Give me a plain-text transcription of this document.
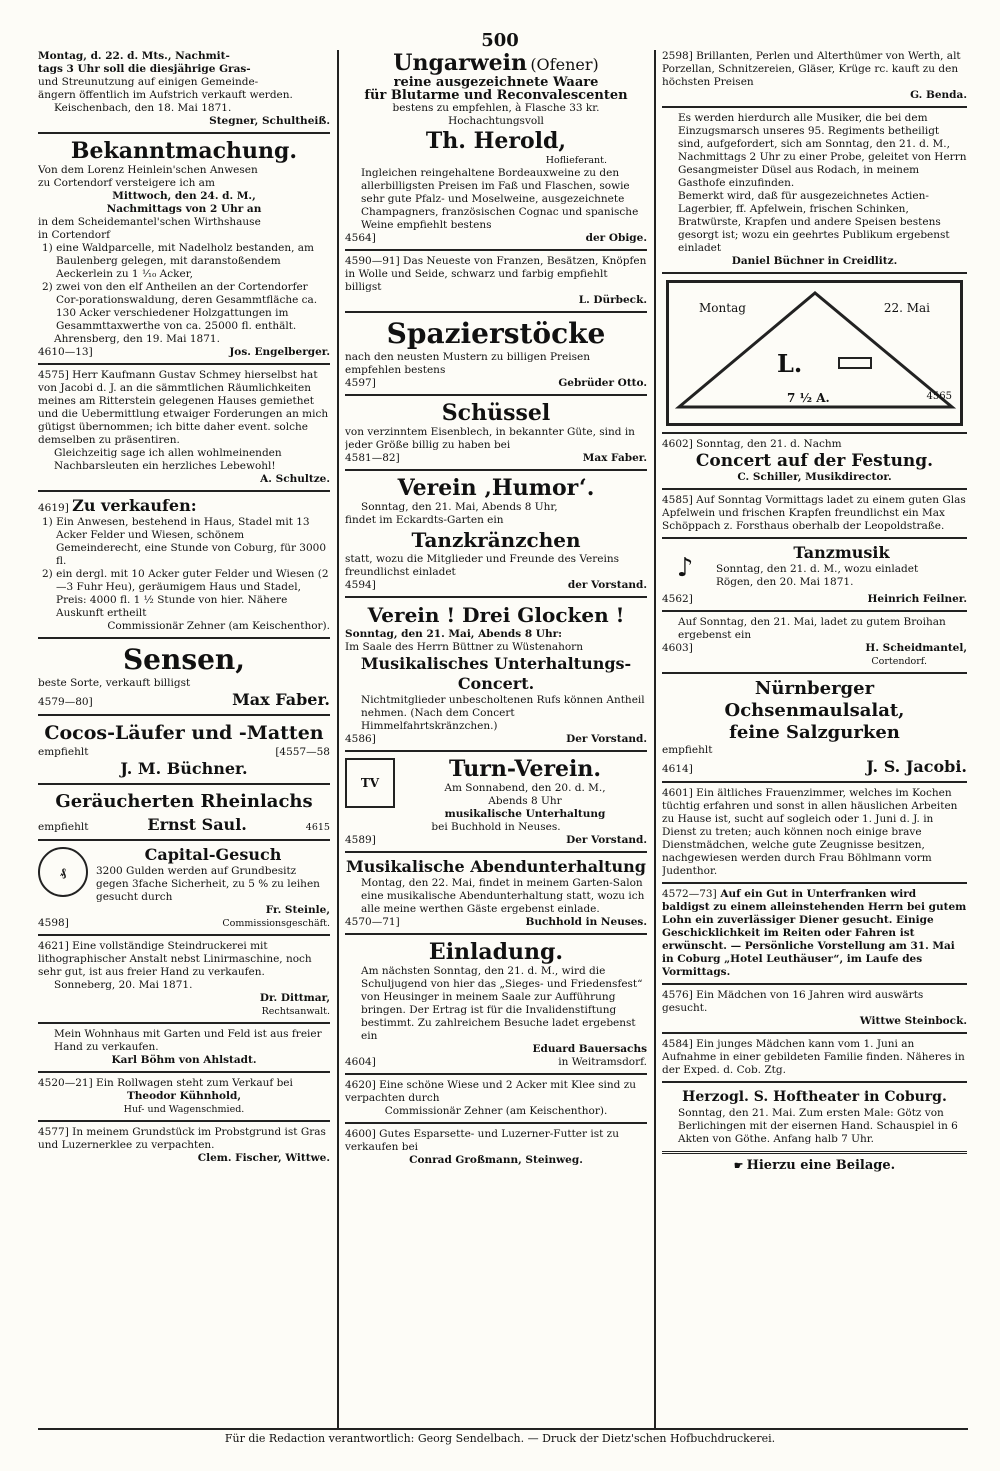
500

Montag, d. 22. d. Mts., Nachmit-

tags 3 Uhr soll die diesjährige Gras-

und Streunutzung auf einigen Gemeinde-

ängern öffentlich im Aufstrich verkauft werden.

Keischenbach, den 18. Mai 1871.

Stegner, Schultheiß.

Bekanntmachung.

Von dem Lorenz Heinlein'schen Anwesen

zu Cortendorf versteigere ich am

Mittwoch, den 24. d. M.,

Nachmittags von 2 Uhr an

in dem Scheidemantel'schen Wirthshause

in Cortendorf

1) eine Waldparcelle, mit Nadelholz bestanden, am Baulenberg gelegen, mit daranstoßendem Aeckerlein zu 1 ¹⁄₁₀ Acker,

2) zwei von den elf Antheilen an der Cortendorfer Cor-porationswaldung, deren Gesammtfläche ca. 130 Acker verschiedener Holzgattungen im Gesammttaxwerthe von ca. 25000 fl. enthält.

Ahrensberg, den 19. Mai 1871.

4610—13]	Jos. Engelberger.

4575] Herr Kaufmann Gustav Schmey hierselbst hat von Jacobi d. J. an die sämmtlichen Räumlichkeiten meines am Ritterstein gelegenen Hauses gemiethet und die Uebermittlung etwaiger Forderungen an mich gütigst übernommen; ich bitte daher event. solche demselben zu präsentiren.

Gleichzeitig sage ich allen wohlmeinenden Nachbarsleuten ein herzliches Lebewohl!

A. Schultze.

4619] Zu verkaufen:

1) Ein Anwesen, bestehend in Haus, Stadel mit 13 Acker Felder und Wiesen, schönem Gemeinderecht, eine Stunde von Coburg, für 3000 fl.

2) ein dergl. mit 10 Acker guter Felder und Wiesen (2—3 Fuhr Heu), geräumigem Haus und Stadel, Preis: 4000 fl. 1 ½ Stunde von hier. Nähere Auskunft ertheilt

Commissionär Zehner (am Keischenthor).

Sensen,

beste Sorte, verkauft billigst

4579—80]	Max Faber.

Cocos-Läufer und -Matten

empfiehlt	[4557—58

J. M. Büchner.

Geräucherten Rheinlachs

empfiehlt	Ernst Saul.	4615
₰

Capital-Gesuch

3200 Gulden werden auf Grundbesitz gegen 3fache Sicherheit, zu 5 % zu leihen gesucht durch

Fr. Steinle,

4598]	Commissionsgeschäft.

4621] Eine vollständige Steindruckerei mit lithographischer Anstalt nebst Linirmaschine, noch sehr gut, ist aus freier Hand zu verkaufen.

Sonneberg, 20. Mai 1871.

Dr. Dittmar,

Rechtsanwalt.

Mein Wohnhaus mit Garten und Feld ist aus freier Hand zu verkaufen.

Karl Böhm von Ahlstadt.

4520—21] Ein Rollwagen steht zum Verkauf bei

Theodor Kühnhold,

Huf- und Wagenschmied.

4577] In meinem Grundstück im Probstgrund ist Gras und Luzernerklee zu verpachten.

Clem. Fischer, Wittwe.

Ungarwein (Ofener)

reine ausgezeichnete Waare

für Blutarme und Reconvalescenten

bestens zu empfehlen, à Flasche 33 kr.

Hochachtungsvoll

Th. Herold,

Hoflieferant.

Ingleichen reingehaltene Bordeauxweine zu den allerbilligsten Preisen im Faß und Flaschen, sowie sehr gute Pfalz- und Moselweine, ausgezeichnete Champagners, französischen Cognac und spanische Weine empfiehlt bestens

4564]	der Obige.

4590—91] Das Neueste von Franzen, Besätzen, Knöpfen in Wolle und Seide, schwarz und farbig empfiehlt billigst

L. Dürbeck.

Spazierstöcke

nach den neusten Mustern zu billigen Preisen

empfehlen bestens

4597]	Gebrüder Otto.

Schüssel

von verzinntem Eisenblech, in bekannter Güte, sind in jeder Größe billig zu haben bei

4581—82]	Max Faber.

Verein ‚Humor‘.

Sonntag, den 21. Mai, Abends 8 Uhr,

findet im Eckardts-Garten ein

Tanzkränzchen

statt, wozu die Mitglieder und Freunde des Vereins freundlichst einladet

4594]	der Vorstand.

Verein ! Drei Glocken !

Sonntag, den 21. Mai, Abends 8 Uhr:

Im Saale des Herrn Büttner zu Wüstenahorn

Musikalisches Unterhaltungs-

Concert.

Nichtmitglieder unbescholtenen Rufs können Antheil nehmen. (Nach dem Concert Himmelfahrtskränzchen.)

4586]	Der Vorstand.
TV

Turn-Verein.

Am Sonnabend, den 20. d. M.,

Abends 8 Uhr

musikalische Unterhaltung

bei Buchhold in Neuses.

4589]	Der Vorstand.

Musikalische Abendunterhaltung

Montag, den 22. Mai, findet in meinem Garten-Salon eine musikalische Abendunterhaltung statt, wozu ich alle meine werthen Gäste ergebenst einlade.

4570—71]	Buchhold in Neuses.

Einladung.

Am nächsten Sonntag, den 21. d. M., wird die Schuljugend von hier das „Sieges- und Friedensfest“ von Heusinger in meinem Saale zur Aufführung bringen. Der Ertrag ist für die Invalidenstiftung bestimmt. Zu zahlreichem Besuche ladet ergebenst ein

Eduard Bauersachs

4604]	in Weitramsdorf.

4620] Eine schöne Wiese und 2 Acker mit Klee sind zu verpachten durch

Commissionär Zehner (am Keischenthor).

4600] Gutes Esparsette- und Luzerner-Futter ist zu verkaufen bei

Conrad Großmann, Steinweg.

2598] Brillanten, Perlen und Alterthümer von Werth, alt Porzellan, Schnitzereien, Gläser, Krüge rc. kauft zu den höchsten Preisen

G. Benda.

Es werden hierdurch alle Musiker, die bei dem Einzugsmarsch unseres 95. Regiments betheiligt sind, aufgefordert, sich am Sonntag, den 21. d. M., Nachmittags 2 Uhr zu einer Probe, geleitet von Herrn Gesangmeister Düsel aus Rodach, in meinem Gasthofe einzufinden.

Bemerkt wird, daß für ausgezeichnetes Actien-Lagerbier, ff. Apfelwein, frischen Schinken, Bratwürste, Krapfen und andere Speisen bestens gesorgt ist; wozu ein geehrtes Publikum ergebenst einladet

Daniel Büchner in Creidlitz.

Montag	22. Mai
L.
7 ½ A.	4565

4602] Sonntag, den 21. d. Nachm

Concert auf der Festung.

C. Schiller, Musikdirector.

4585] Auf Sonntag Vormittags ladet zu einem guten Glas Apfelwein und frischen Krapfen freundlichst ein Max Schöppach z. Forsthaus oberhalb der Leopoldstraße.

♪	Tanzmusik

Sonntag, den 21. d. M., wozu einladet

Rögen, den 20. Mai 1871.

4562]	Heinrich Feilner.

Auf Sonntag, den 21. Mai, ladet zu gutem Broihan ergebenst ein

4603]	H. Scheidmantel,

Cortendorf.

Nürnberger Ochsenmaulsalat,

feine Salzgurken

empfiehlt

4614]	J. S. Jacobi.

4601] Ein ältliches Frauenzimmer, welches im Kochen tüchtig erfahren und sonst in allen häuslichen Arbeiten zu Hause ist, sucht auf sogleich oder 1. Juni d. J. in Dienst zu treten; auch können noch einige brave Dienstmädchen, welche gute Zeugnisse besitzen, nachgewiesen werden durch Frau Böhlmann vorm Judenthor.

4572—73] Auf ein Gut in Unterfranken wird baldigst zu einem alleinstehenden Herrn bei gutem Lohn ein zuverlässiger Diener gesucht. Einige Geschicklichkeit im Reiten oder Fahren ist erwünscht. — Persönliche Vorstellung am 31. Mai in Coburg „Hotel Leuthäuser“, im Laufe des Vormittags.

4576] Ein Mädchen von 16 Jahren wird auswärts gesucht.

Wittwe Steinbock.

4584] Ein junges Mädchen kann vom 1. Juni an Aufnahme in einer gebildeten Familie finden. Näheres in der Exped. d. Cob. Ztg.

Herzogl. S. Hoftheater in Coburg.

Sonntag, den 21. Mai. Zum ersten Male: Götz von Berlichingen mit der eisernen Hand. Schauspiel in 6 Akten von Göthe. Anfang halb 7 Uhr.

☛ Hierzu eine Beilage.
Für die Redaction verantwortlich: Georg Sendelbach. — Druck der Dietz'schen Hofbuchdruckerei.
